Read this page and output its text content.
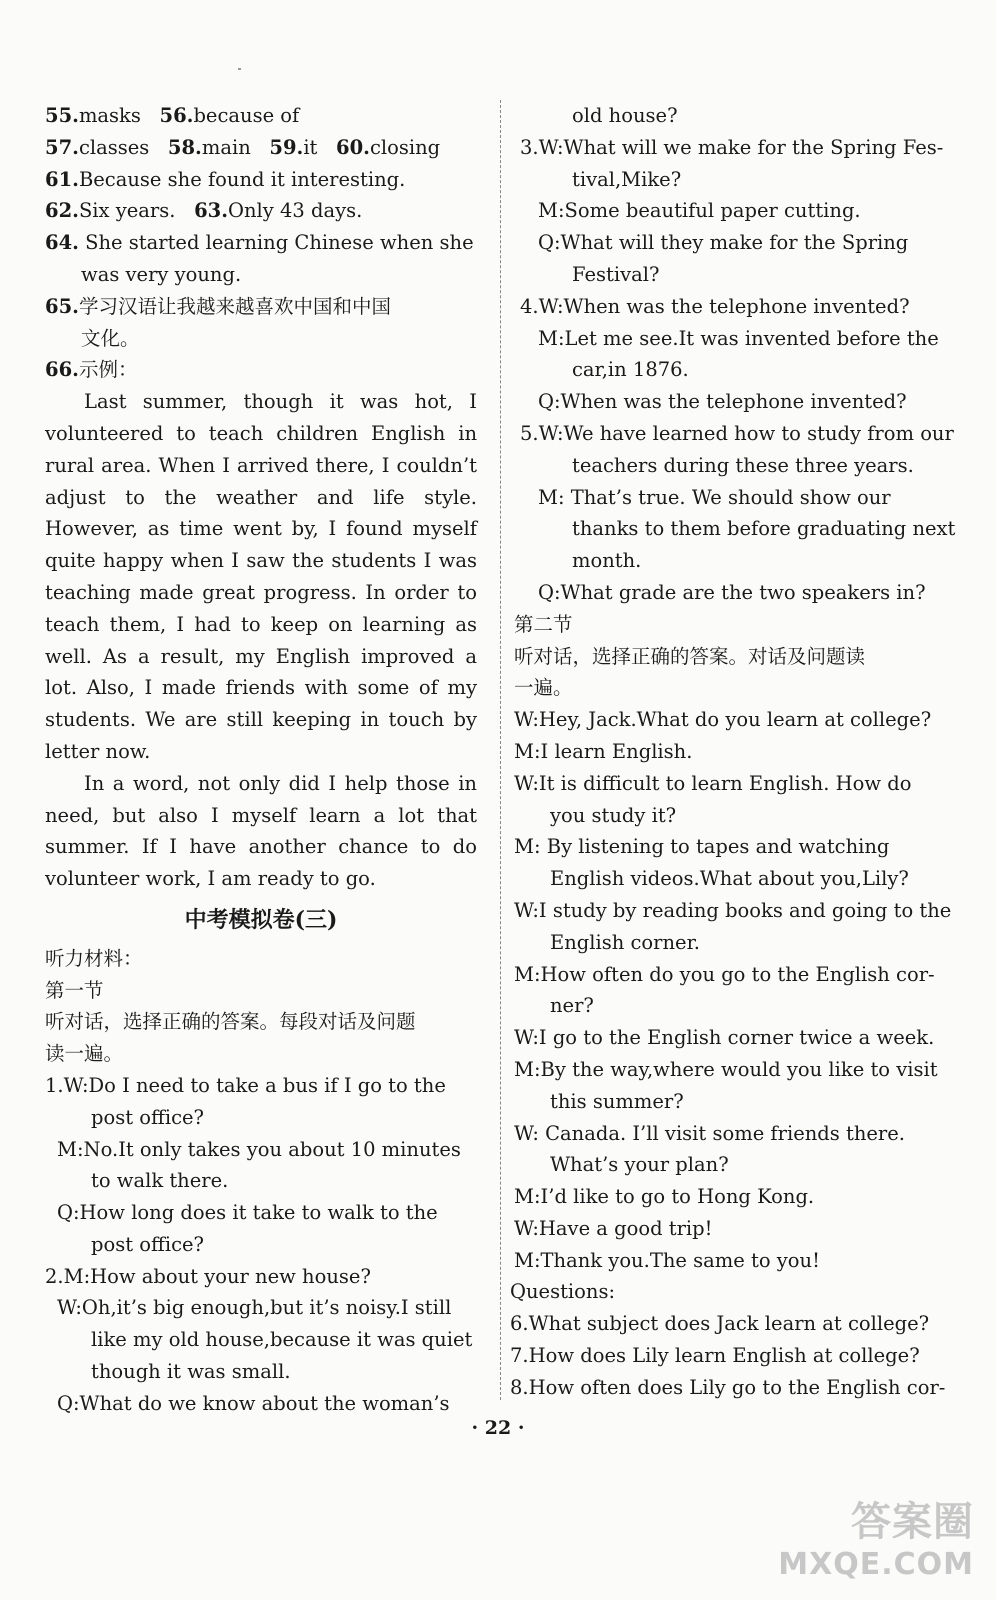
55.masks 56.because of
57.classes 58.main 59.it 60.closing
61.Because she found it interesting.
62.Six years. 63.Only 43 days.
64. She started learning Chinese when she
was very young.
65.学习汉语让我越来越喜欢中国和中国
文化。
66.示例：
Last summer, though it was hot, I volunteered to teach children English in rural area. When I arrived there, I couldn’t adjust to the weather and life style. However, as time went by, I found myself quite happy when I saw the students I was teaching made great progress. In order to teach them, I had to keep on learning as well. As a result, my English improved a lot. Also, I made friends with some of my students. We are still keeping in touch by letter now.
In a word, not only did I help those in need, but also I myself learn a lot that summer. If I have another chance to do volunteer work, I am ready to go.
中考模拟卷(三)
听力材料：
第一节
听对话，选择正确的答案。每段对话及问题
读一遍。
1.W:Do I need to take a bus if I go to the
post office?
M:No.It only takes you about 10 minutes
to walk there.
Q:How long does it take to walk to the
post office?
2.M:How about your new house?
W:Oh,it’s big enough,but it’s noisy.I still
like my old house,because it was quiet
though it was small.
Q:What do we know about the woman’s
old house?
3.W:What will we make for the Spring Fes-
tival,Mike?
M:Some beautiful paper cutting.
Q:What will they make for the Spring
Festival?
4.W:When was the telephone invented?
M:Let me see.It was invented before the
car,in 1876.
Q:When was the telephone invented?
5.W:We have learned how to study from our
teachers during these three years.
M: That’s true. We should show our
thanks to them before graduating next
month.
Q:What grade are the two speakers in?
第二节
听对话，选择正确的答案。对话及问题读
一遍。
W:Hey, Jack.What do you learn at college?
M:I learn English.
W:It is difficult to learn English. How do
you study it?
M: By listening to tapes and watching
English videos.What about you,Lily?
W:I study by reading books and going to the
English corner.
M:How often do you go to the English cor-
ner?
W:I go to the English corner twice a week.
M:By the way,where would you like to visit
this summer?
W: Canada. I’ll visit some friends there.
What’s your plan?
M:I’d like to go to Hong Kong.
W:Have a good trip!
M:Thank you.The same to you!
Questions:
6.What subject does Jack learn at college?
7.How does Lily learn English at college?
8.How often does Lily go to the English cor-
· 22 ·
答案圈
MXQE.COM
